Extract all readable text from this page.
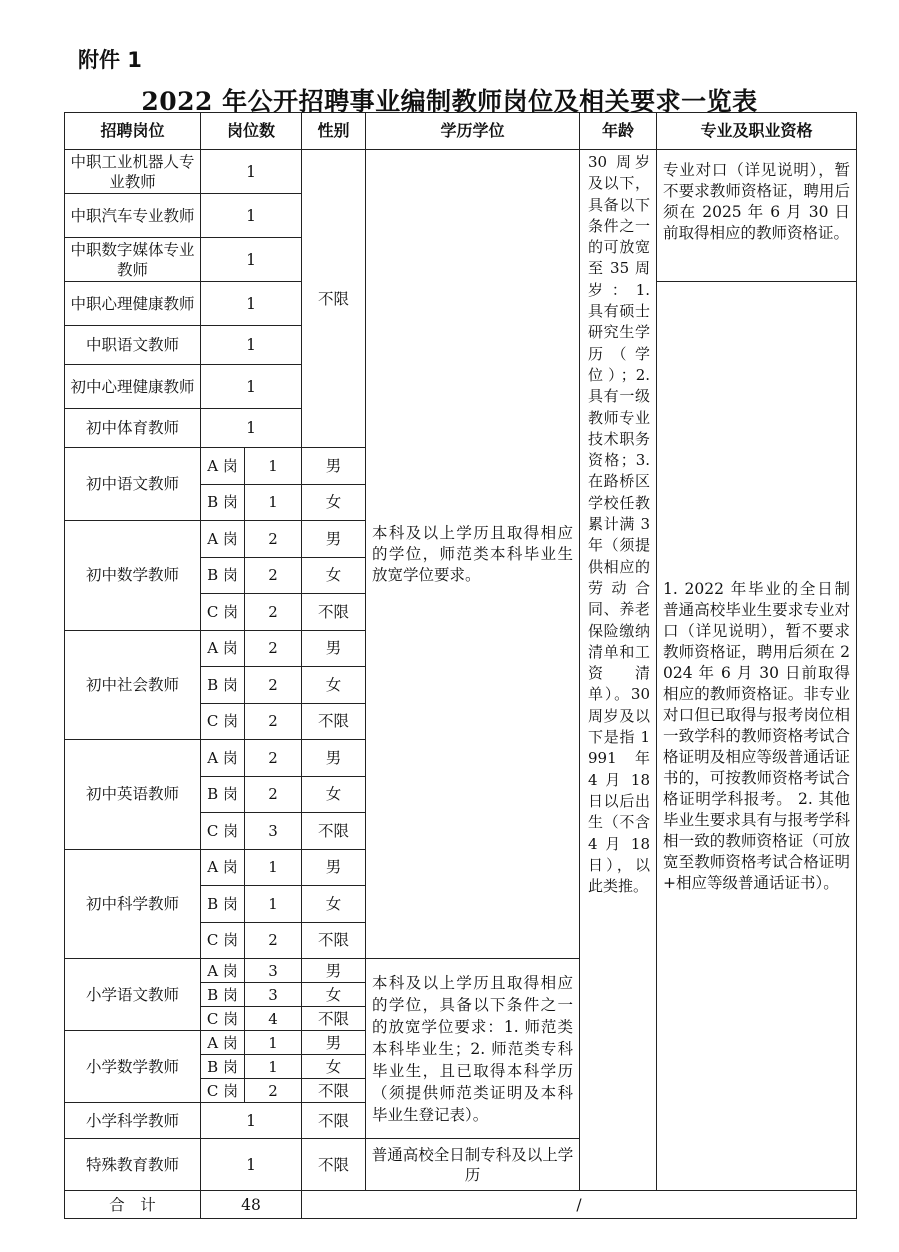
附件 1
2022 年公开招聘事业编制教师岗位及相关要求一览表
招聘岗位	岗位数		性别	学历学位	年龄	专业及职业资格
中职工业机器人专业教师	1		不限	本科及以上学历且取得相应的学位，师范类本科毕业生放宽学位要求。	30 周岁及以下，具备以下条件之一的可放宽至 35 周岁：1. 具有硕士研究生学历（学位）；2. 具有一级教师专业技术职务资格；3. 在路桥区学校任教累计满 3 年（须提供相应的劳动合同、养老保险缴纳清单和工资清单）。30 周岁及以下是指 1991 年 4 月 18 日以后出生（不含 4 月 18 日），以此类推。	专业对口（详见说明），暂不要求教师资格证，聘用后须在 2025 年 6 月 30 日前取得相应的教师资格证。
中职汽车专业教师	1					
中职数字媒体专业教师	1					
中职心理健康教师	1					1. 2022 年毕业的全日制普通高校毕业生要求专业对口（详见说明），暂不要求教师资格证，聘用后须在 2024 年 6 月 30 日前取得相应的教师资格证。非专业对口但已取得与报考岗位相一致学科的教师资格考试合格证明及相应等级普通话证书的，可按教师资格考试合格证明学科报考。 2. 其他毕业生要求具有与报考学科相一致的教师资格证（可放宽至教师资格考试合格证明+相应等级普通话证书）。
中职语文教师	1					
初中心理健康教师	1					
初中体育教师	1					
初中语文教师	A 岗	1	男			
	B 岗	1	女			
初中数学教师	A 岗	2	男			
	B 岗	2	女			
	C 岗	2	不限			
初中社会教师	A 岗	2	男			
	B 岗	2	女			
	C 岗	2	不限			
初中英语教师	A 岗	2	男			
	B 岗	2	女			
	C 岗	3	不限			
初中科学教师	A 岗	1	男			
	B 岗	1	女			
	C 岗	2	不限			
小学语文教师	A 岗	3	男	本科及以上学历且取得相应的学位，具备以下条件之一的放宽学位要求：1. 师范类本科毕业生；2. 师范类专科毕业生，且已取得本科学历（须提供师范类证明及本科毕业生登记表）。		
	B 岗	3	女			
	C 岗	4	不限			
小学数学教师	A 岗	1	男			
	B 岗	1	女			
	C 岗	2	不限			
小学科学教师	1		不限			
特殊教育教师	1		不限	普通高校全日制专科及以上学历		
合　计	48		/			
